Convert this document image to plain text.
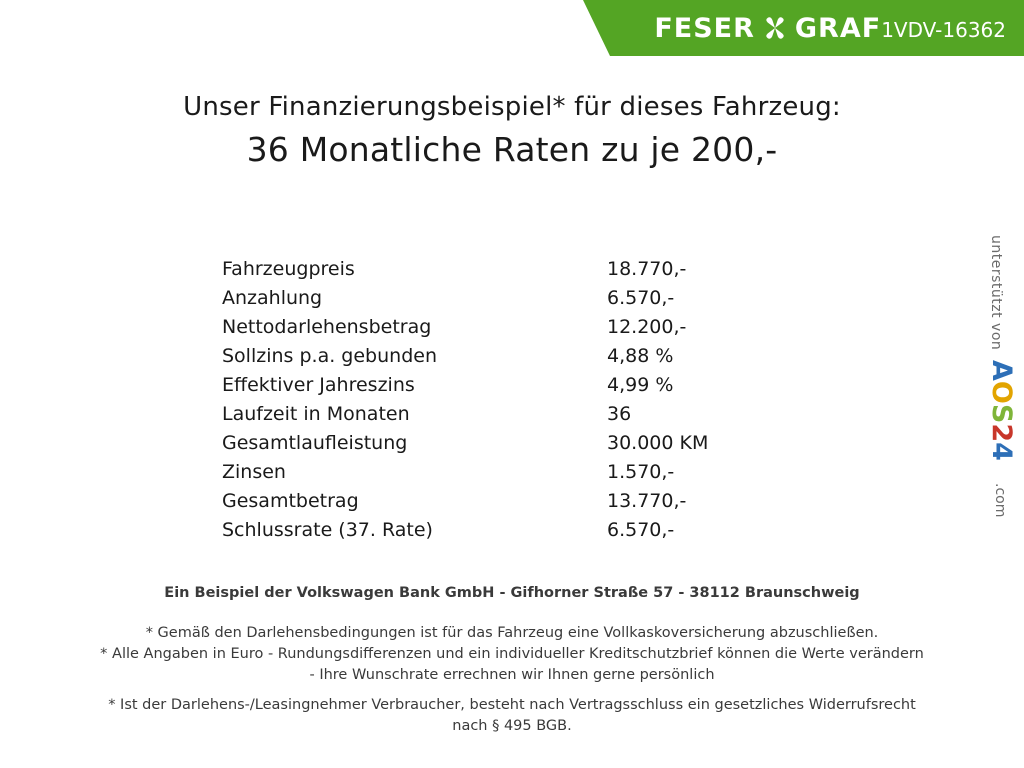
FESER GRAF 1VDV-16362
Unser Finanzierungsbeispiel* für dieses Fahrzeug:
36 Monatliche Raten zu je 200,-
Fahrzeugpreis	18.770,-
Anzahlung	6.570,-
Nettodarlehensbetrag	12.200,-
Sollzins p.a. gebunden	4,88 %
Effektiver Jahreszins	4,99 %
Laufzeit in Monaten	36
Gesamtlaufleistung	30.000 KM
Zinsen	1.570,-
Gesamtbetrag	13.770,-
Schlussrate (37. Rate)	6.570,-
unterstützt von
AOS24
.com
Ein Beispiel der Volkswagen Bank GmbH - Gifhorner Straße 57 - 38112 Braunschweig
* Gemäß den Darlehensbedingungen ist für das Fahrzeug eine Vollkaskoversicherung abzuschließen.
* Alle Angaben in Euro - Rundungsdifferenzen und ein individueller Kreditschutzbrief können die Werte verändern
- Ihre Wunschrate errechnen wir Ihnen gerne persönlich
* Ist der Darlehens-/Leasingnehmer Verbraucher, besteht nach Vertragsschluss ein gesetzliches Widerrufsrecht
nach § 495 BGB.
